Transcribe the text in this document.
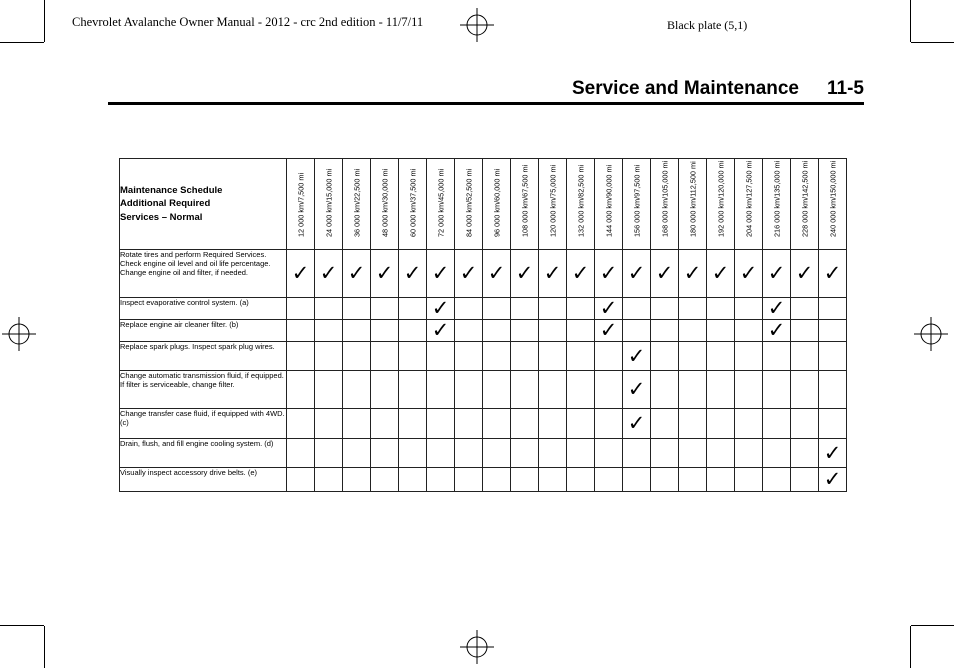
Chevrolet Avalanche Owner Manual - 2012 - crc 2nd edition - 11/7/11	Black plate (5,1)
Service and Maintenance 11-5
Maintenance Schedule
Additional Required
Services – Normal	12 000 km/7,500 mi	24 000 km/15,000 mi	36 000 km/22,500 mi	48 000 km/30,000 mi	60 000 km/37,500 mi	72 000 km/45,000 mi	84 000 km/52,500 mi	96 000 km/60,000 mi	108 000 km/67,500 mi	120 000 km/75,000 mi	132 000 km/82,500 mi	144 000 km/90,000 mi	156 000 km/97,500 mi	168 000 km/105,000 mi	180 000 km/112,500 mi	192 000 km/120,000 mi	204 000 km/127,500 mi	216 000 km/135,000 mi	228 000 km/142,500 mi	240 000 km/150,000 mi

Rotate tires and perform Required Services. Check engine oil level and oil life percentage. Change engine oil and filter, if needed.	✓	✓	✓	✓	✓	✓	✓	✓	✓	✓	✓	✓	✓	✓	✓	✓	✓	✓	✓	✓
Inspect evaporative control system. (a)						✓						✓						✓		
Replace engine air cleaner filter. (b)						✓						✓						✓		
Replace spark plugs. Inspect spark plug wires.													✓							
Change automatic transmission fluid, if equipped. If filter is serviceable, change filter.													✓							
Change transfer case fluid, if equipped with 4WD. (c)													✓							
Drain, flush, and fill engine cooling system. (d)																				✓
Visually inspect accessory drive belts. (e)																				✓
